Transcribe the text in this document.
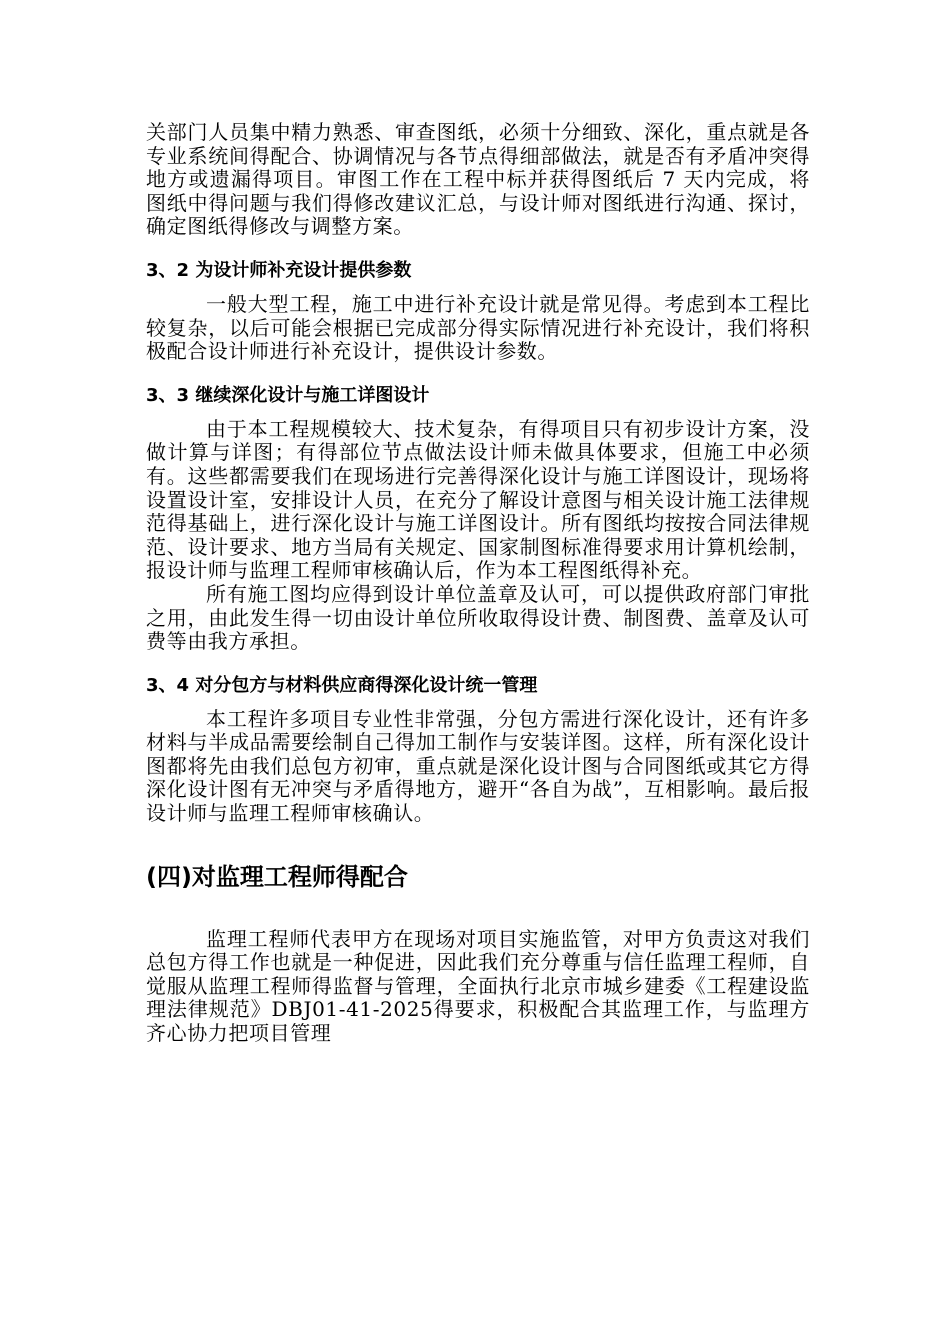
关部门人员集中精力熟悉、审查图纸，必须十分细致、深化，重点就是各专业系统间得配合、协调情况与各节点得细部做法，就是否有矛盾冲突得地方或遗漏得项目。审图工作在工程中标并获得图纸后 7 天内完成，将图纸中得问题与我们得修改建议汇总，与设计师对图纸进行沟通、探讨，确定图纸得修改与调整方案。

3、2 为设计师补充设计提供参数

一般大型工程，施工中进行补充设计就是常见得。考虑到本工程比较复杂，以后可能会根据已完成部分得实际情况进行补充设计，我们将积极配合设计师进行补充设计，提供设计参数。

3、3 继续深化设计与施工详图设计

由于本工程规模较大、技术复杂，有得项目只有初步设计方案，没做计算与详图；有得部位节点做法设计师未做具体要求，但施工中必须有。这些都需要我们在现场进行完善得深化设计与施工详图设计，现场将设置设计室，安排设计人员，在充分了解设计意图与相关设计施工法律规范得基础上，进行深化设计与施工详图设计。所有图纸均按按合同法律规范、设计要求、地方当局有关规定、国家制图标准得要求用计算机绘制，报设计师与监理工程师审核确认后，作为本工程图纸得补充。

所有施工图均应得到设计单位盖章及认可，可以提供政府部门审批之用，由此发生得一切由设计单位所收取得设计费、制图费、盖章及认可费等由我方承担。

3、4 对分包方与材料供应商得深化设计统一管理

本工程许多项目专业性非常强，分包方需进行深化设计，还有许多材料与半成品需要绘制自己得加工制作与安装详图。这样，所有深化设计图都将先由我们总包方初审，重点就是深化设计图与合同图纸或其它方得深化设计图有无冲突与矛盾得地方，避开“各自为战”，互相影响。最后报设计师与监理工程师审核确认。

(四)对监理工程师得配合

监理工程师代表甲方在现场对项目实施监管，对甲方负责这对我们总包方得工作也就是一种促进，因此我们充分尊重与信任监理工程师，自觉服从监理工程师得监督与管理，全面执行北京市城乡建委《工程建设监理法律规范》DBJ01-41-2025得要求，积极配合其监理工作，与监理方齐心协力把项目管理
